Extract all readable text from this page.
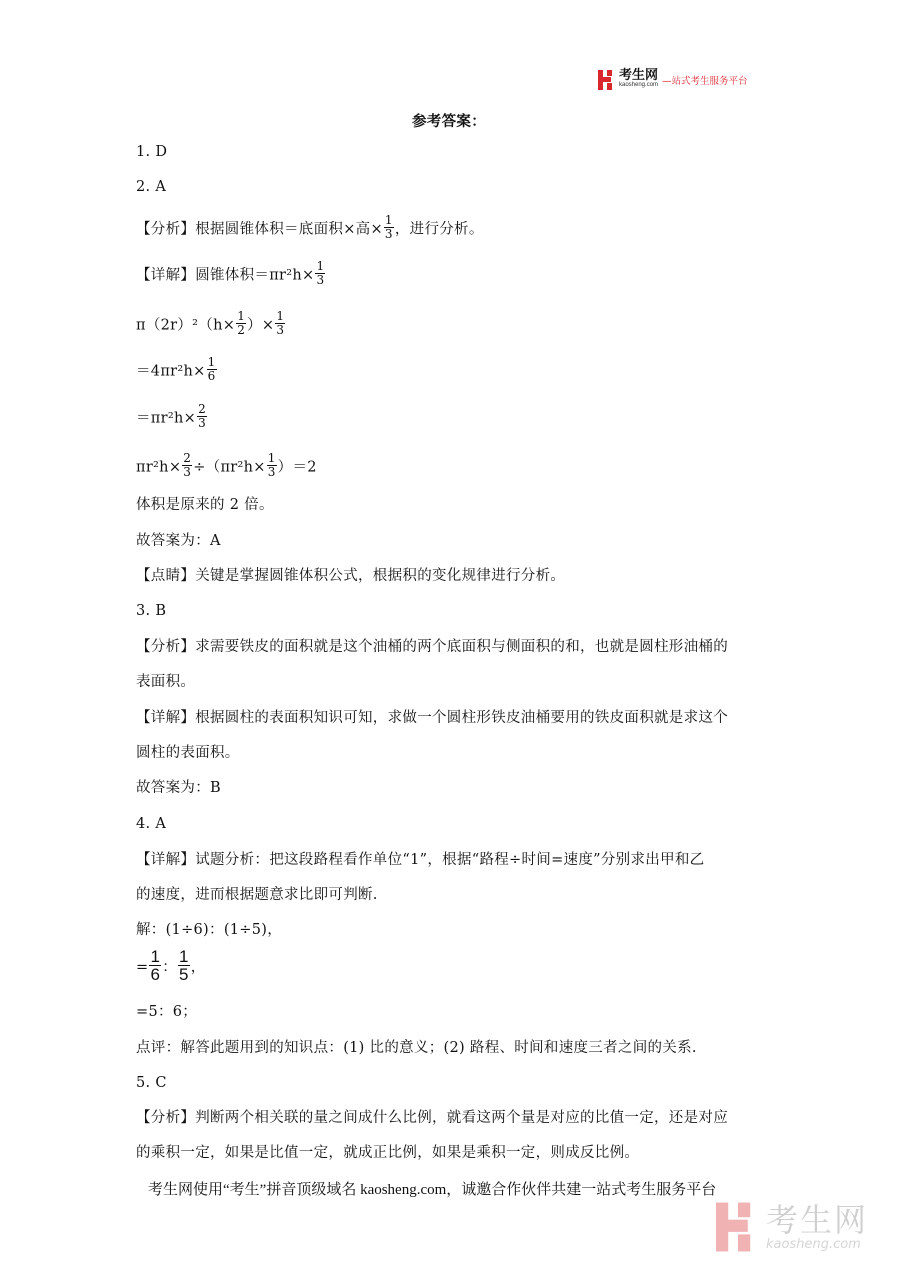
考生网
kaosheng.com —站式考生服务平台
参考答案：
1. D
2. A
【分析】根据圆锥体积＝底面积×高× $\frac{1}{3}$ ，进行分析。
【详解】圆锥体积$=\pi r^2h\times \frac{1}{3}$
$\pi(2r)^2(h\times \frac{1}{2}$ ）× $\frac{1}{3}$
$=4\pi r^2h\times \frac{1}{6}$
$=\pi r^2h\times \frac{2}{3}$
$\pi r^2h\times \frac{2}{3} \div(\pi r^2h\times \frac{1}{3} )=2$
体积是原来的 2 倍。
故答案为：A
【点睛】关键是掌握圆锥体积公式，根据积的变化规律进行分析。
3. B
【分析】求需要铁皮的面积就是这个油桶的两个底面积与侧面积的和，也就是圆柱形油桶的
表面积。
【详解】根据圆柱的表面积知识可知，求做一个圆柱形铁皮油桶要用的铁皮面积就是求这个
圆柱的表面积。
故答案为：B
4. A
【详解】试题分析：把这段路程看作单位“1”，根据“路程÷时间=速度”分别求出甲和乙
的速度，进而根据题意求比即可判断.
解：(1÷6)：(1÷5)，
= $\frac{1}{6}$ ： $\frac{1}{5}$ ，
=5：6；
点评：解答此题用到的知识点：(1) 比的意义；(2) 路程、时间和速度三者之间的关系.
5. C
【分析】判断两个相关联的量之间成什么比例，就看这两个量是对应的比值一定，还是对应
的乘积一定，如果是比值一定，就成正比例，如果是乘积一定，则成反比例。
考生网使用“考生”拼音顶级域名 kaosheng.com，诚邀合作伙伴共建一站式考生服务平台
考生网
kaosheng.com
